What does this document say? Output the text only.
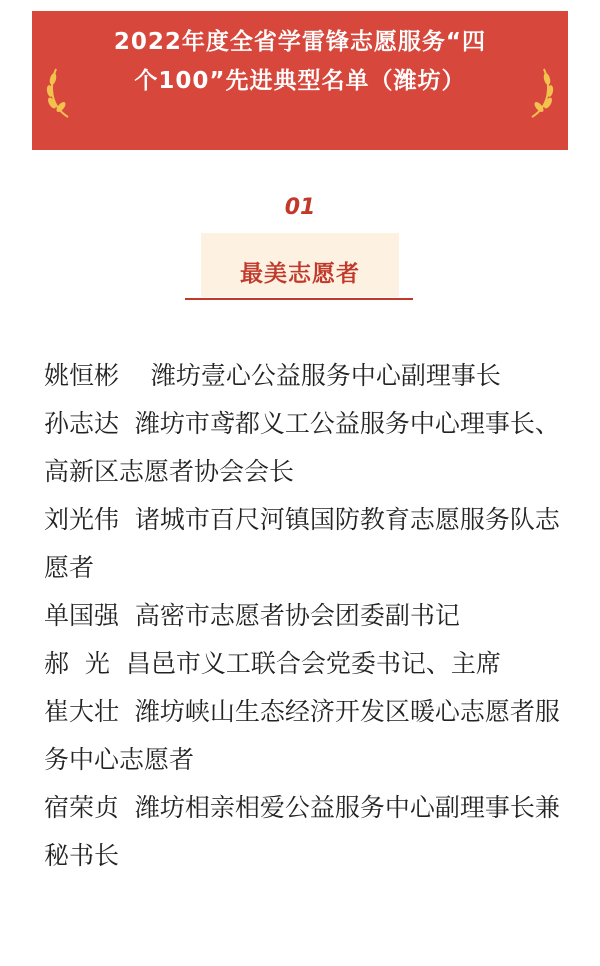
2022年度全省学雷锋志愿服务“四个100”先进典型名单（潍坊）
01
最美志愿者
姚恒彬 潍坊壹心公益服务中心副理事长
孙志达 潍坊市鸢都义工公益服务中心理事长、高新区志愿者协会会长
刘光伟 诸城市百尺河镇国防教育志愿服务队志愿者
单国强 高密市志愿者协会团委副书记
郝  光 昌邑市义工联合会党委书记、主席
崔大壮 潍坊峡山生态经济开发区暖心志愿者服务中心志愿者
宿荣贞 潍坊相亲相爱公益服务中心副理事长兼秘书长
